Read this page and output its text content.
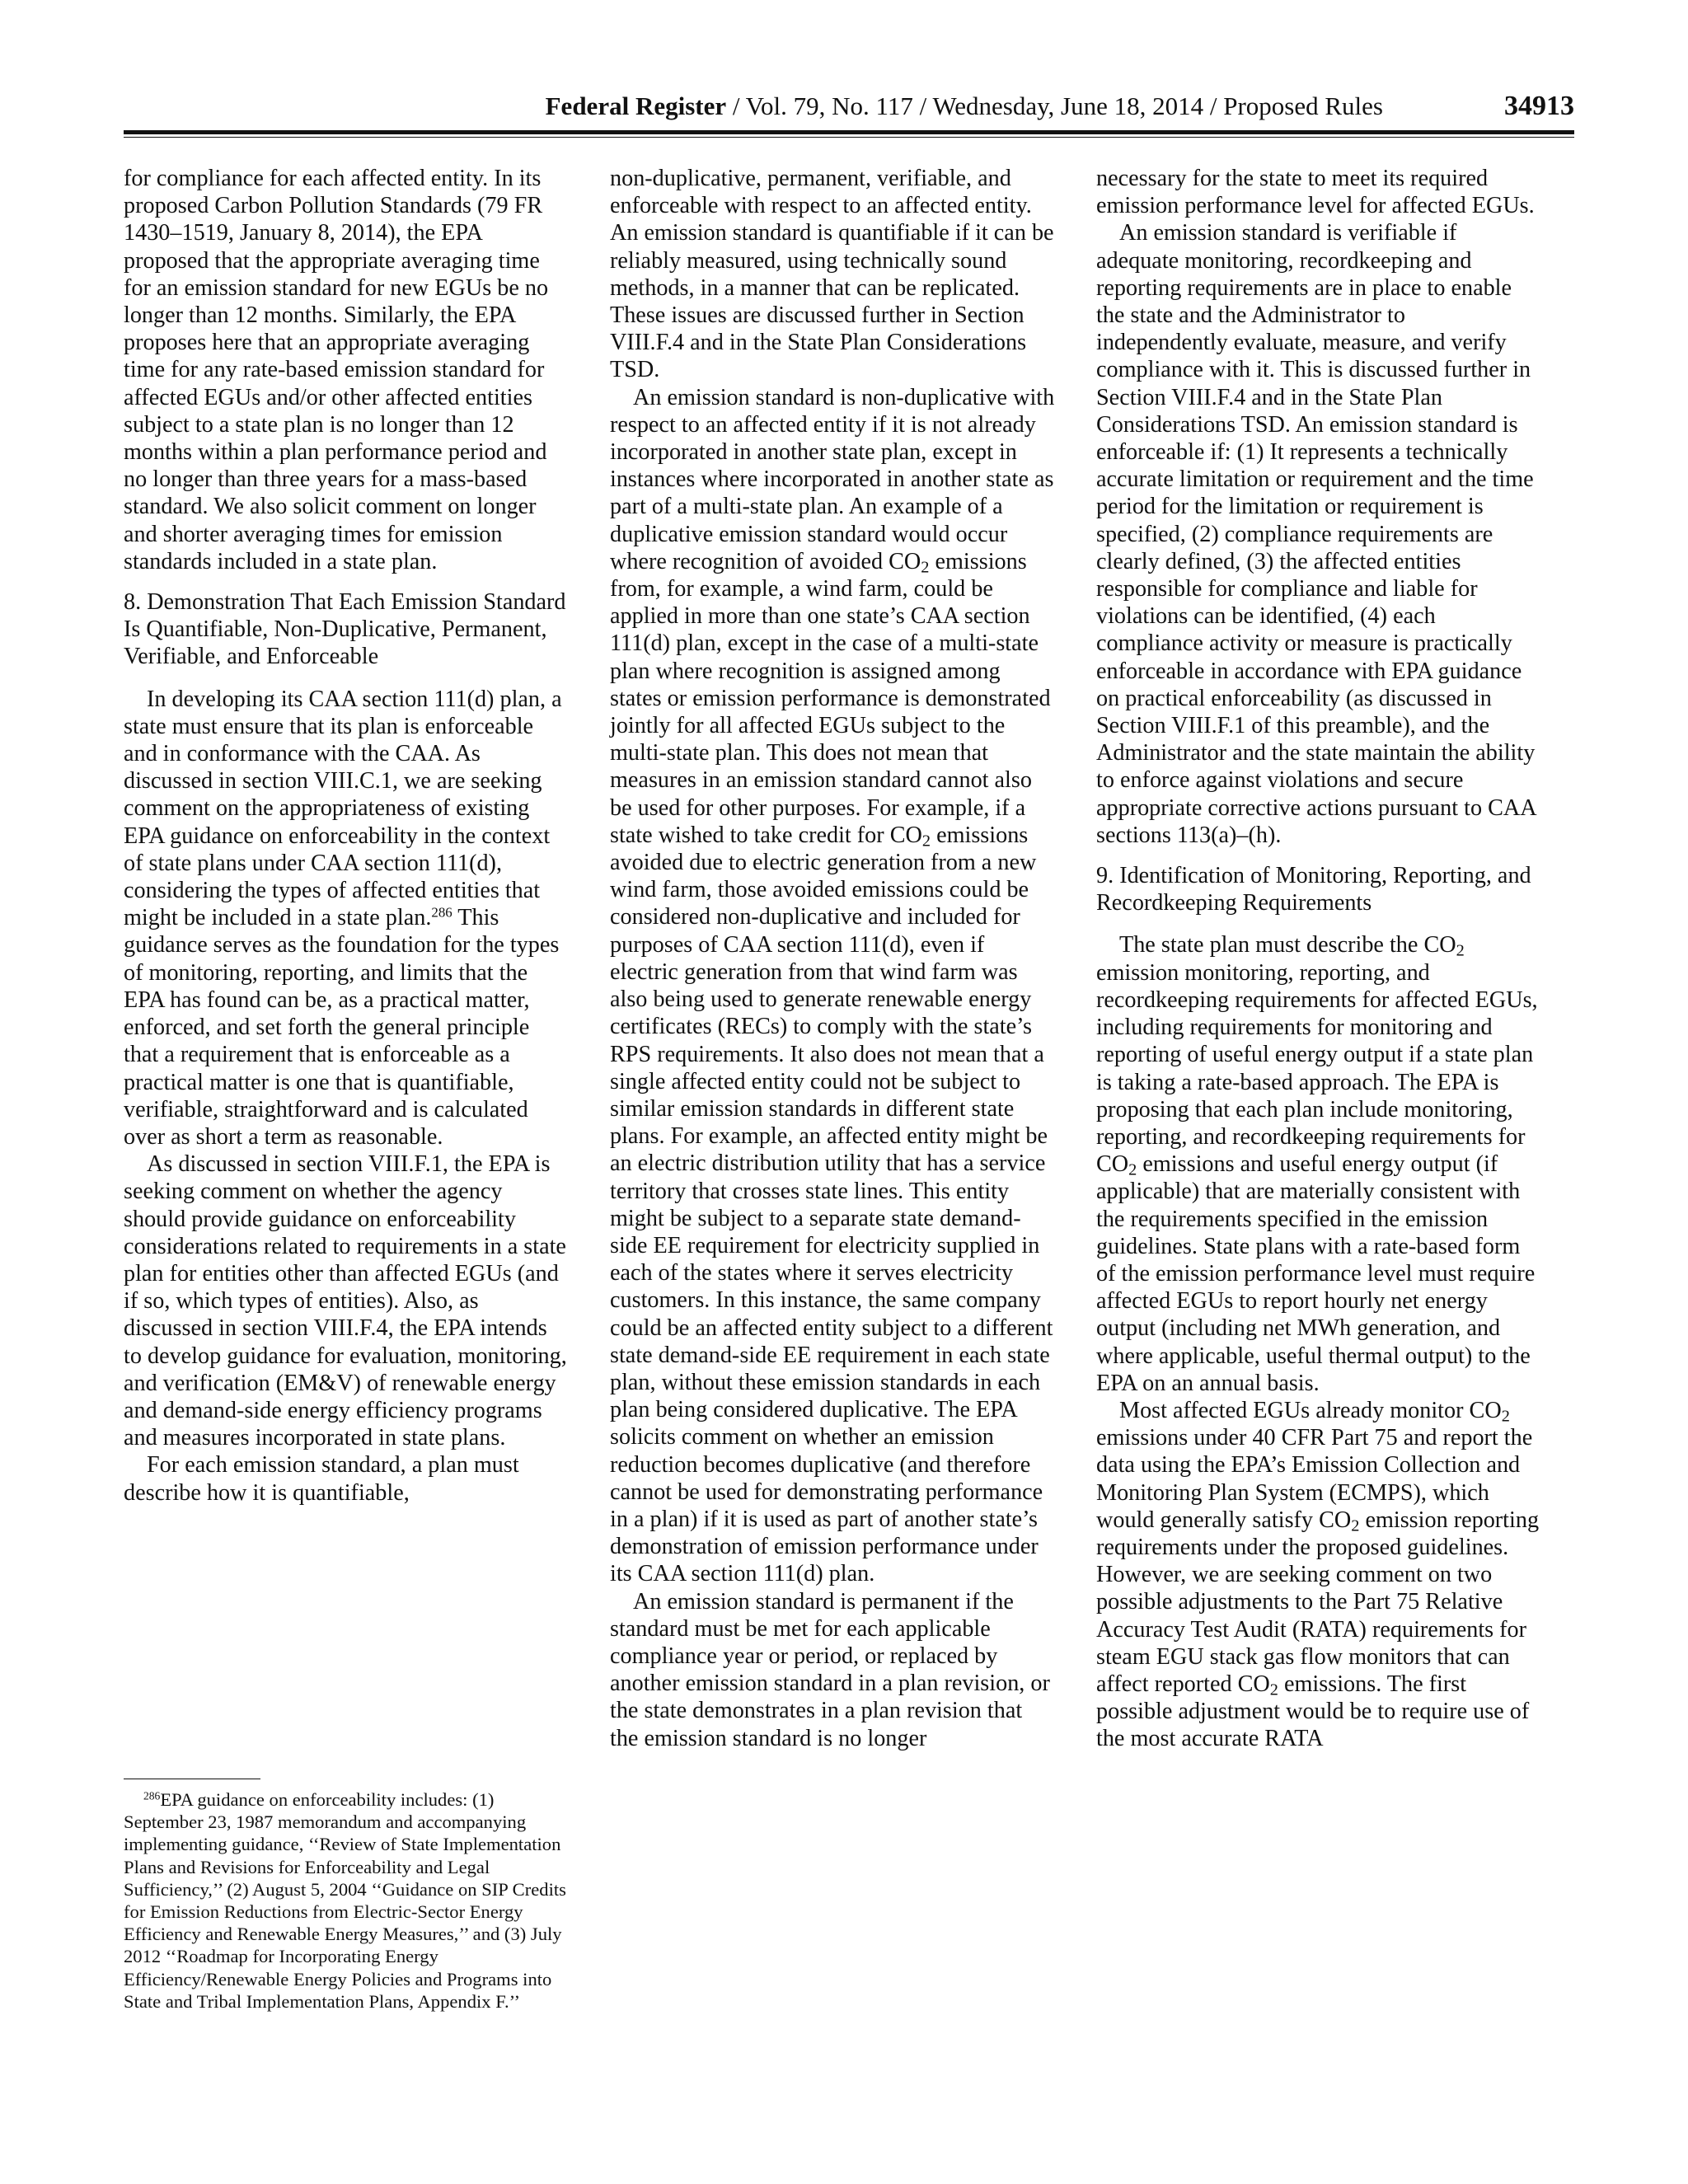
Federal Register / Vol. 79, No. 117 / Wednesday, June 18, 2014 / Proposed Rules	34913

for compliance for each affected entity. In its proposed Carbon Pollution Standards (79 FR 1430–1519, January 8, 2014), the EPA proposed that the appropriate averaging time for an emission standard for new EGUs be no longer than 12 months. Similarly, the EPA proposes here that an appropriate averaging time for any rate-based emission standard for affected EGUs and/or other affected entities subject to a state plan is no longer than 12 months within a plan performance period and no longer than three years for a mass-based standard. We also solicit comment on longer and shorter averaging times for emission standards included in a state plan.

8. Demonstration That Each Emission Standard Is Quantifiable, Non-Duplicative, Permanent, Verifiable, and Enforceable

In developing its CAA section 111(d) plan, a state must ensure that its plan is enforceable and in conformance with the CAA. As discussed in section VIII.C.1, we are seeking comment on the appropriateness of existing EPA guidance on enforceability in the context of state plans under CAA section 111(d), considering the types of affected entities that might be included in a state plan.$^{286}$ This guidance serves as the foundation for the types of monitoring, reporting, and limits that the EPA has found can be, as a practical matter, enforced, and set forth the general principle that a requirement that is enforceable as a practical matter is one that is quantifiable, verifiable, straightforward and is calculated over as short a term as reasonable.

As discussed in section VIII.F.1, the EPA is seeking comment on whether the agency should provide guidance on enforceability considerations related to requirements in a state plan for entities other than affected EGUs (and if so, which types of entities). Also, as discussed in section VIII.F.4, the EPA intends to develop guidance for evaluation, monitoring, and verification (EM&V) of renewable energy and demand-side energy efficiency programs and measures incorporated in state plans.

For each emission standard, a plan must describe how it is quantifiable,

$^{286}$EPA guidance on enforceability includes: (1) September 23, 1987 memorandum and accompanying implementing guidance, ‘‘Review of State Implementation Plans and Revisions for Enforceability and Legal Sufficiency,’’ (2) August 5, 2004 ‘‘Guidance on SIP Credits for Emission Reductions from Electric-Sector Energy Efficiency and Renewable Energy Measures,’’ and (3) July 2012 ‘‘Roadmap for Incorporating Energy Efficiency/Renewable Energy Policies and Programs into State and Tribal Implementation Plans, Appendix F.’’

non-duplicative, permanent, verifiable, and enforceable with respect to an affected entity. An emission standard is quantifiable if it can be reliably measured, using technically sound methods, in a manner that can be replicated. These issues are discussed further in Section VIII.F.4 and in the State Plan Considerations TSD.

An emission standard is non-duplicative with respect to an affected entity if it is not already incorporated in another state plan, except in instances where incorporated in another state as part of a multi-state plan. An example of a duplicative emission standard would occur where recognition of avoided $CO_2$ emissions from, for example, a wind farm, could be applied in more than one state’s CAA section 111(d) plan, except in the case of a multi-state plan where recognition is assigned among states or emission performance is demonstrated jointly for all affected EGUs subject to the multi-state plan. This does not mean that measures in an emission standard cannot also be used for other purposes. For example, if a state wished to take credit for $CO_2$ emissions avoided due to electric generation from a new wind farm, those avoided emissions could be considered non-duplicative and included for purposes of CAA section 111(d), even if electric generation from that wind farm was also being used to generate renewable energy certificates (RECs) to comply with the state’s RPS requirements. It also does not mean that a single affected entity could not be subject to similar emission standards in different state plans. For example, an affected entity might be an electric distribution utility that has a service territory that crosses state lines. This entity might be subject to a separate state demand-side EE requirement for electricity supplied in each of the states where it serves electricity customers. In this instance, the same company could be an affected entity subject to a different state demand-side EE requirement in each state plan, without these emission standards in each plan being considered duplicative. The EPA solicits comment on whether an emission reduction becomes duplicative (and therefore cannot be used for demonstrating performance in a plan) if it is used as part of another state’s demonstration of emission performance under its CAA section 111(d) plan.

An emission standard is permanent if the standard must be met for each applicable compliance year or period, or replaced by another emission standard in a plan revision, or the state demonstrates in a plan revision that the emission standard is no longer

necessary for the state to meet its required emission performance level for affected EGUs.

An emission standard is verifiable if adequate monitoring, recordkeeping and reporting requirements are in place to enable the state and the Administrator to independently evaluate, measure, and verify compliance with it. This is discussed further in Section VIII.F.4 and in the State Plan Considerations TSD. An emission standard is enforceable if: (1) It represents a technically accurate limitation or requirement and the time period for the limitation or requirement is specified, (2) compliance requirements are clearly defined, (3) the affected entities responsible for compliance and liable for violations can be identified, (4) each compliance activity or measure is practically enforceable in accordance with EPA guidance on practical enforceability (as discussed in Section VIII.F.1 of this preamble), and the Administrator and the state maintain the ability to enforce against violations and secure appropriate corrective actions pursuant to CAA sections 113(a)–(h).

9. Identification of Monitoring, Reporting, and Recordkeeping Requirements

The state plan must describe the $CO_2$ emission monitoring, reporting, and recordkeeping requirements for affected EGUs, including requirements for monitoring and reporting of useful energy output if a state plan is taking a rate-based approach. The EPA is proposing that each plan include monitoring, reporting, and recordkeeping requirements for $CO_2$ emissions and useful energy output (if applicable) that are materially consistent with the requirements specified in the emission guidelines. State plans with a rate-based form of the emission performance level must require affected EGUs to report hourly net energy output (including net MWh generation, and where applicable, useful thermal output) to the EPA on an annual basis.

Most affected EGUs already monitor $CO_2$ emissions under 40 CFR Part 75 and report the data using the EPA’s Emission Collection and Monitoring Plan System (ECMPS), which would generally satisfy $CO_2$ emission reporting requirements under the proposed guidelines. However, we are seeking comment on two possible adjustments to the Part 75 Relative Accuracy Test Audit (RATA) requirements for steam EGU stack gas flow monitors that can affect reported $CO_2$ emissions. The first possible adjustment would be to require use of the most accurate RATA
